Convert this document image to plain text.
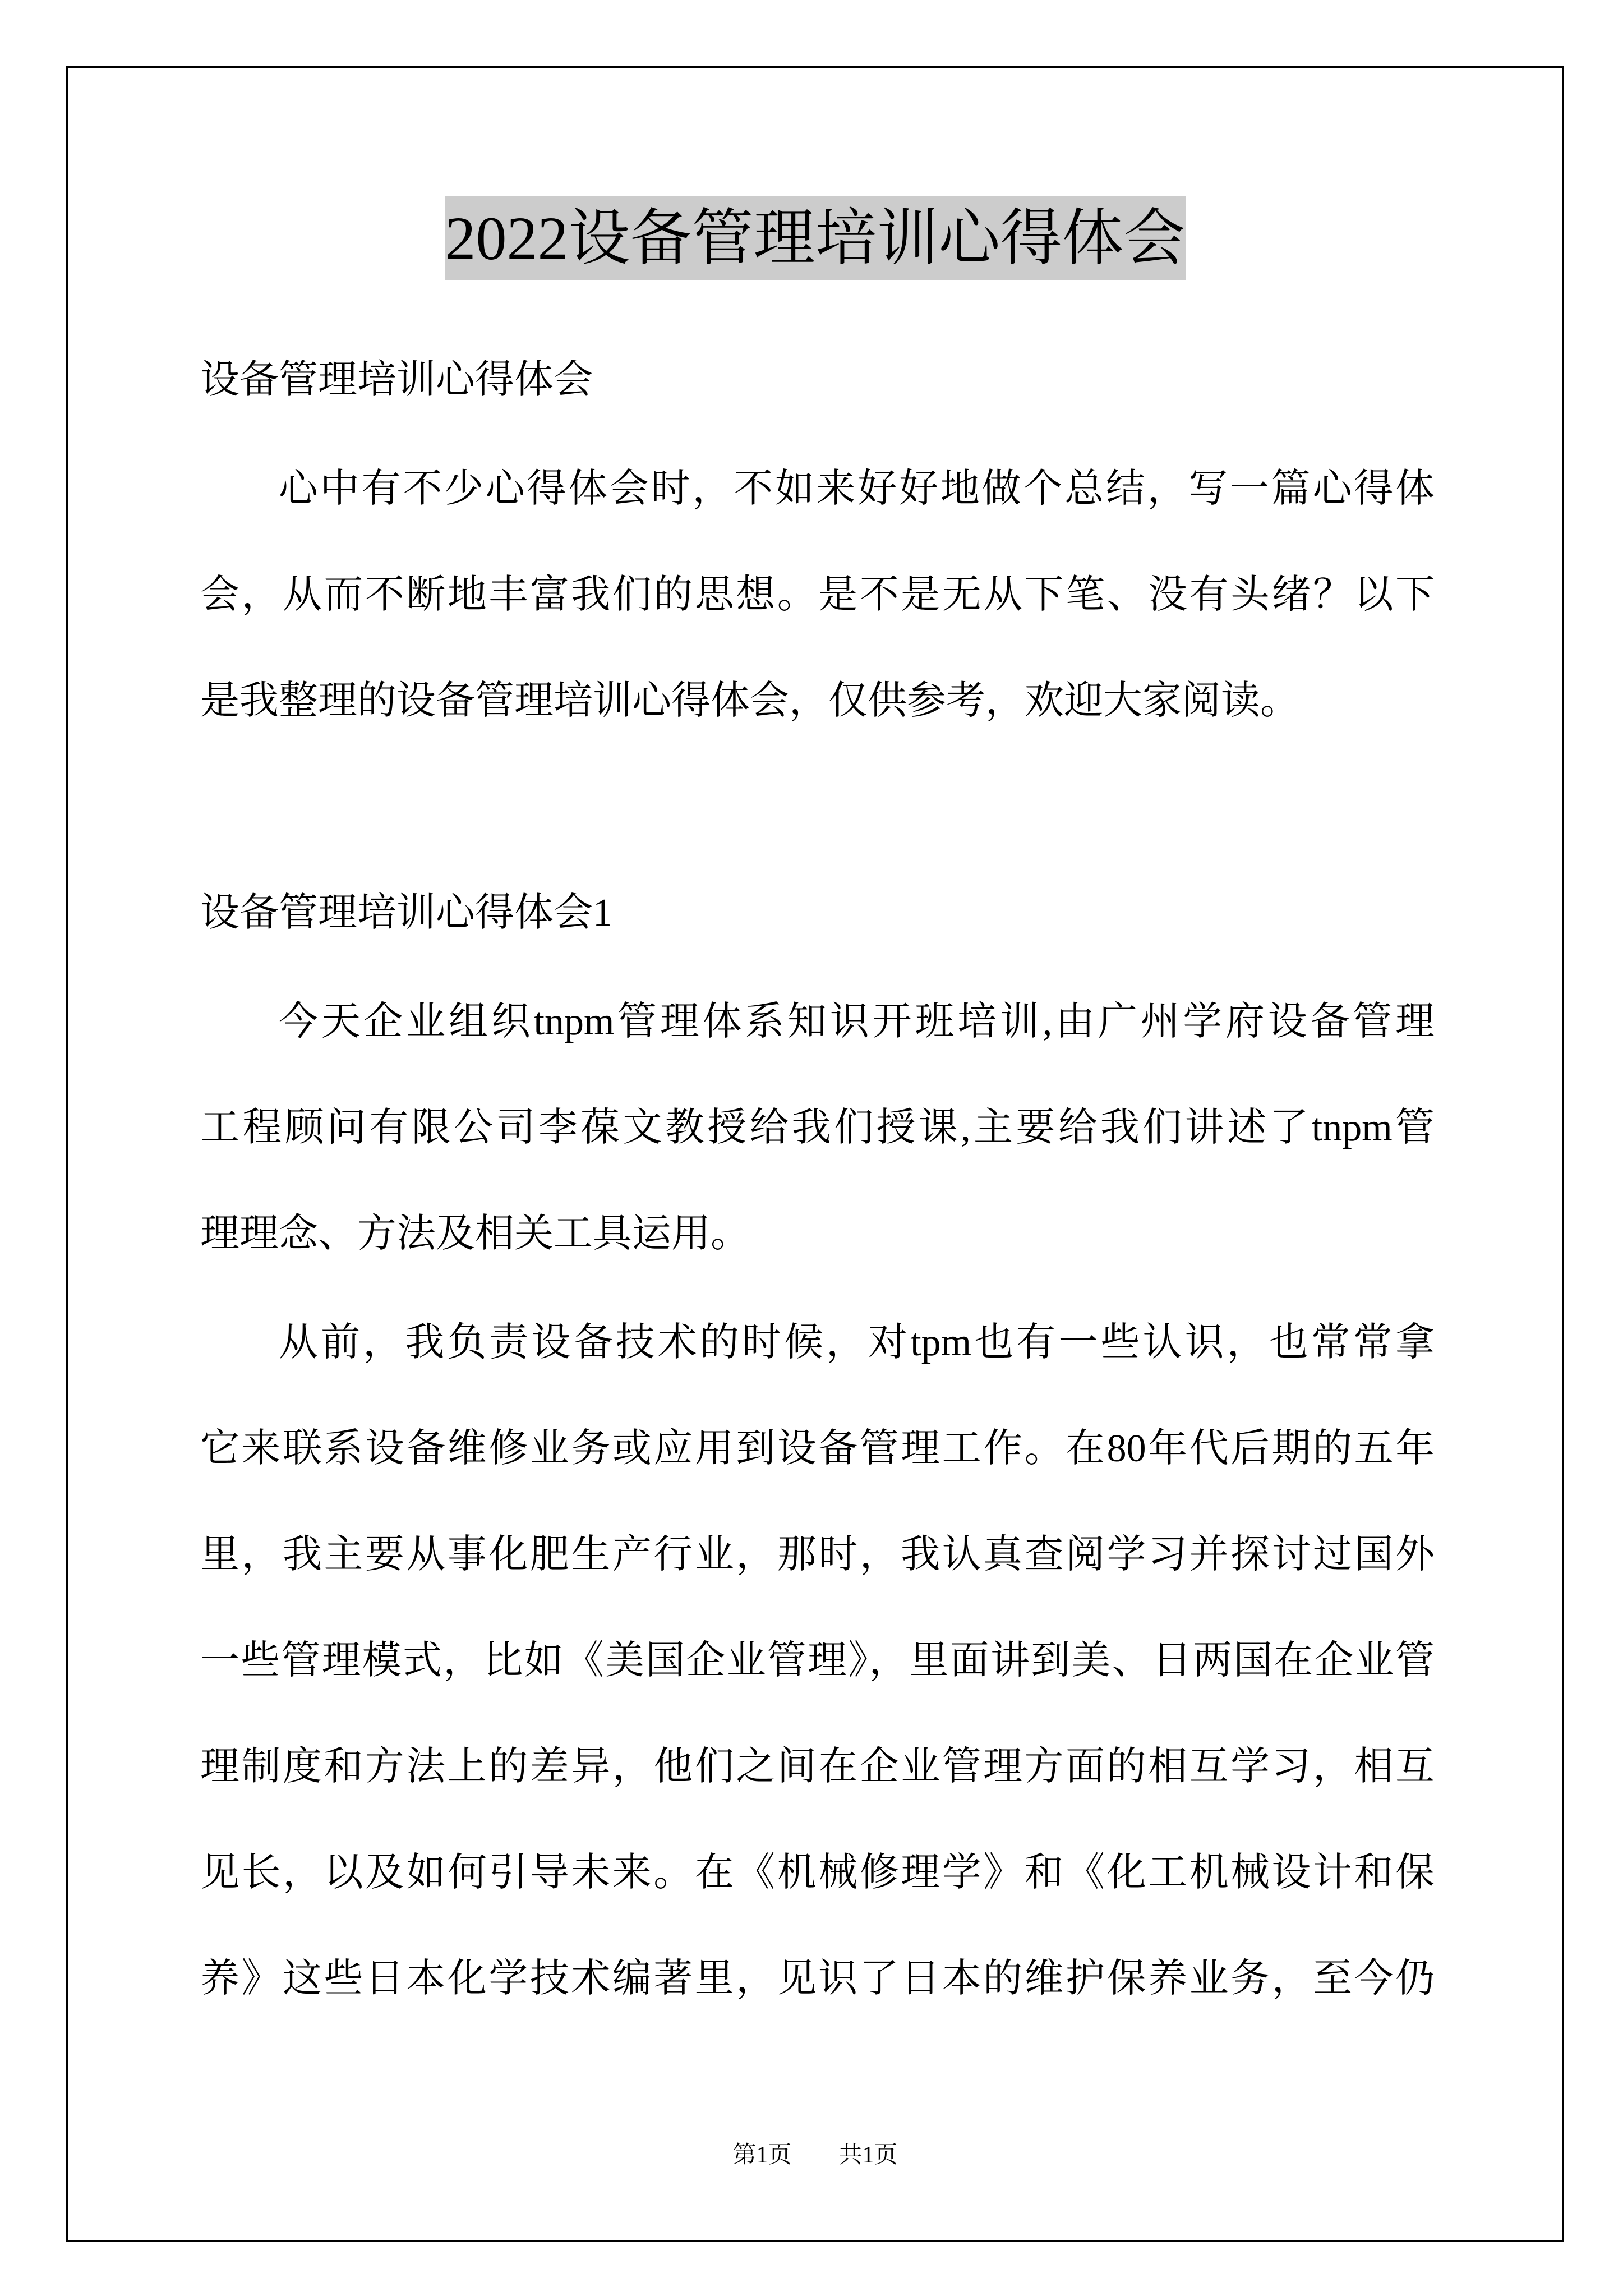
2022设备管理培训心得体会
设备管理培训心得体会
心中有不少心得体会时，不如来好好地做个总结，写一篇心得体
会，从而不断地丰富我们的思想。是不是无从下笔、没有头绪？以下
是我整理的设备管理培训心得体会，仅供参考，欢迎大家阅读。
设备管理培训心得体会1
今天企业组织tnpm管理体系知识开班培训,由广州学府设备管理
工程顾问有限公司李葆文教授给我们授课,主要给我们讲述了tnpm管
理理念、方法及相关工具运用。
从前，我负责设备技术的时候，对tpm也有一些认识，也常常拿
它来联系设备维修业务或应用到设备管理工作。在80年代后期的五年
里，我主要从事化肥生产行业，那时，我认真查阅学习并探讨过国外
一些管理模式，比如《美国企业管理》，里面讲到美、日两国在企业管
理制度和方法上的差异，他们之间在企业管理方面的相互学习，相互
见长，以及如何引导未来。在《机械修理学》和《化工机械设计和保
养》这些日本化学技术编著里，见识了日本的维护保养业务，至今仍
第1页 共1页
